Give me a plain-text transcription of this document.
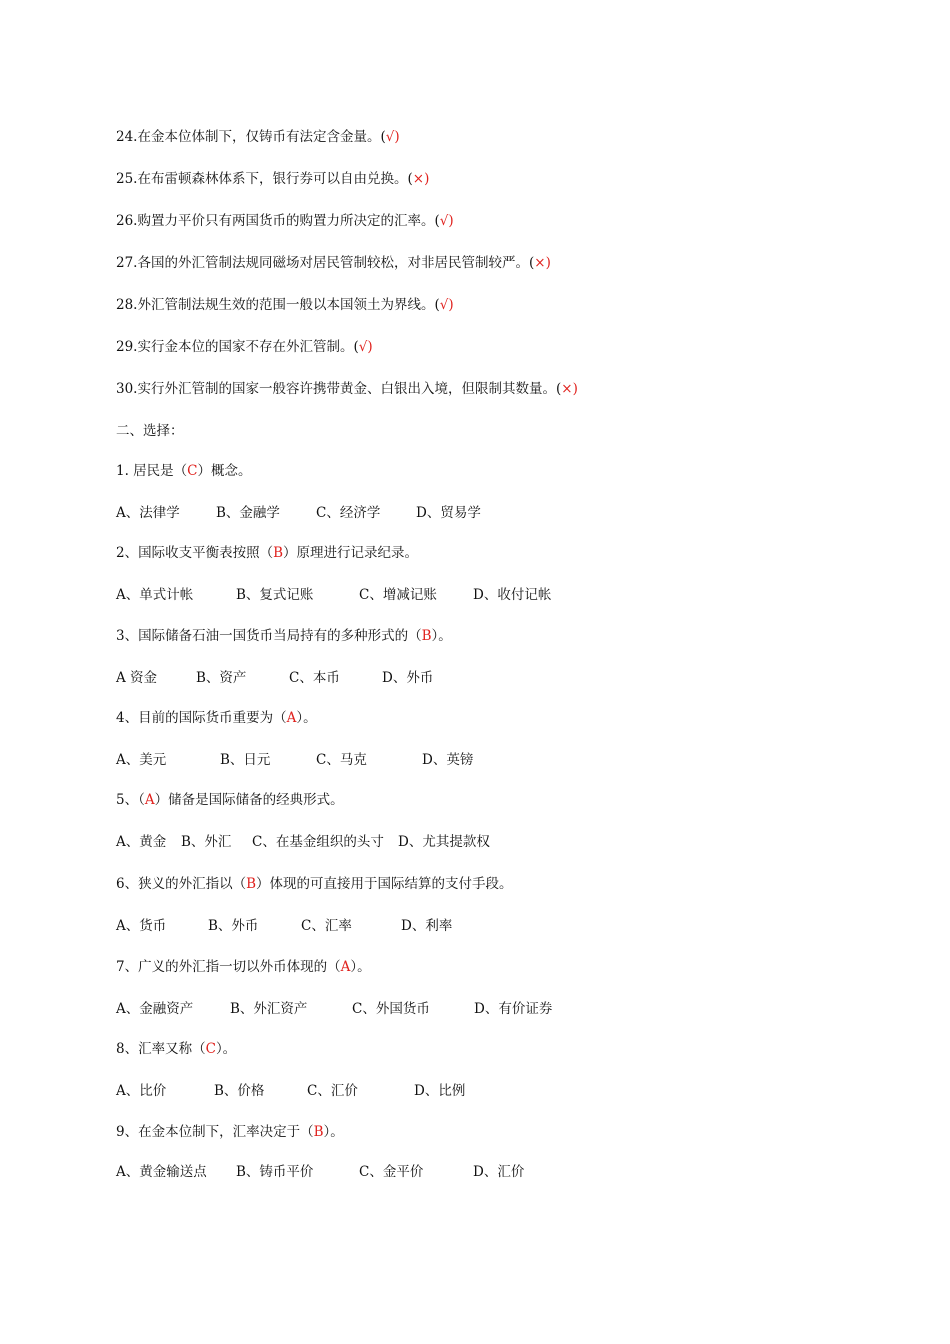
24.在金本位体制下，仅铸币有法定含金量。(√)
25.在布雷顿森林体系下，银行券可以自由兑换。(×)
26.购置力平价只有两国货币的购置力所决定的汇率。(√)
27.各国的外汇管制法规同磁场对居民管制较松，对非居民管制较严。(×)
28.外汇管制法规生效的范围一般以本国领土为界线。(√)
29.实行金本位的国家不存在外汇管制。(√)
30.实行外汇管制的国家一般容许携带黄金、白银出入境，但限制其数量。(×)
二、选择：
1. 居民是（C）概念。
A、法律学	B、金融学	C、经济学	D、贸易学
2、国际收支平衡表按照（B）原理进行记录纪录。
A、单式计帐	B、复式记账	C、增减记账	D、收付记帐
3、国际储备石油一国货币当局持有的多种形式的（B）。
A 资金	B、资产	C、本币	D、外币
4、目前的国际货币重要为（A）。
A、美元	B、日元	C、马克	D、英镑
5、（A）储备是国际储备的经典形式。
A、黄金 B、外汇 C、在基金组织的头寸 D、尤其提款权
6、狭义的外汇指以（B）体现的可直接用于国际结算的支付手段。
A、货币	B、外币	C、汇率	D、利率
7、广义的外汇指一切以外币体现的（A）。
A、金融资产	B、外汇资产	C、外国货币	D、有价证券
8、汇率又称（C）。
A、比价	B、价格	C、汇价	D、比例
9、在金本位制下，汇率决定于（B）。
A、黄金输送点 B、铸币平价	C、金平价	D、汇价
